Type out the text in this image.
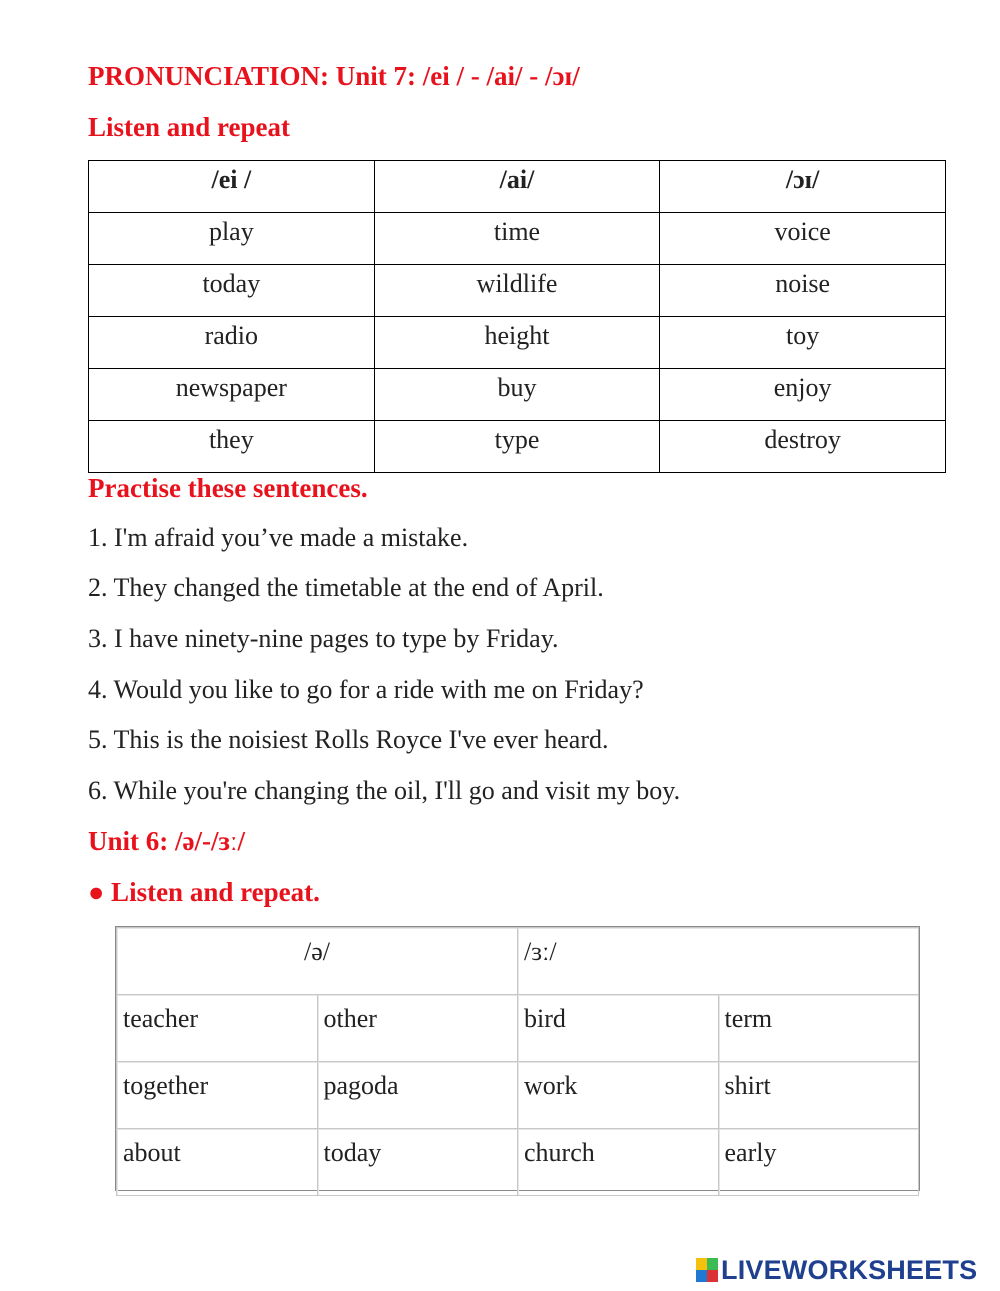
PRONUNCIATION: Unit 7: /ei / - /ai/ - /ɔɪ/
Listen and repeat
/ei /	/ai/	/ɔɪ/
play	time	voice
today	wildlife	noise
radio	height	toy
newspaper	buy	enjoy
they	type	destroy
Practise these sentences.
1. I'm afraid you’ve made a mistake.
2. They changed the timetable at the end of April.
3. I have ninety-nine pages to type by Friday.
4. Would you like to go for a ride with me on Friday?
5. This is the noisiest Rolls Royce I've ever heard.
6. While you're changing the oil, I'll go and visit my boy.
Unit 6: /ə/-/ɜː/
● Listen and repeat.
/ə/		/ɜː/	
teacher	other	bird	term
together	pagoda	work	shirt
about	today	church	early
LIVEWORKSHEETS
